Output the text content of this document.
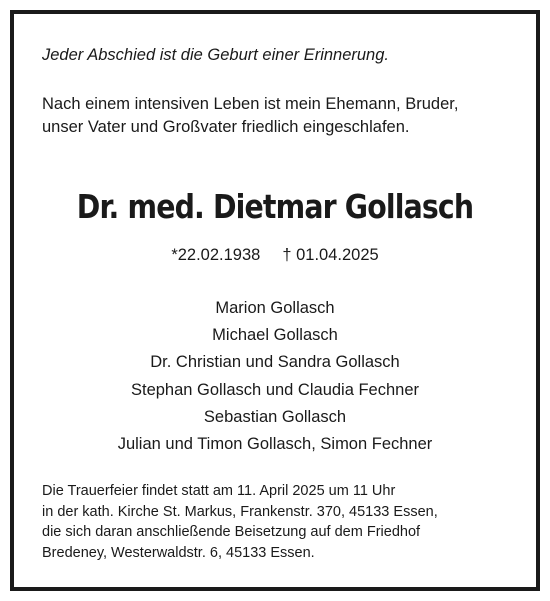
Jeder Abschied ist die Geburt einer Erinnerung.
Nach einem intensiven Leben ist mein Ehemann, Bruder,
unser Vater und Großvater friedlich eingeschlafen.
Dr. med. Dietmar Gollasch
*22.02.1938 † 01.04.2025
Marion Gollasch
Michael Gollasch
Dr. Christian und Sandra Gollasch
Stephan Gollasch und Claudia Fechner
Sebastian Gollasch
Julian und Timon Gollasch, Simon Fechner
Die Trauerfeier findet statt am 11. April 2025 um 11 Uhr
in der kath. Kirche St. Markus, Frankenstr. 370, 45133 Essen,
die sich daran anschließende Beisetzung auf dem Friedhof
Bredeney, Westerwaldstr. 6, 45133 Essen.
